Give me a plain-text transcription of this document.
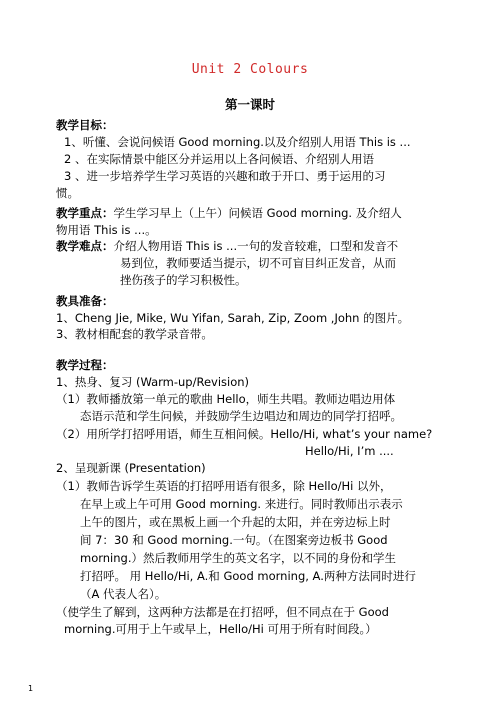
Unit 2 Colours
第一课时
教学目标：
1、听懂、会说问候语 Good morning.以及介绍别人用语 This is ...
2 、在实际情景中能区分并运用以上各问候语、介绍别人用语
3 、进一步培养学生学习英语的兴趣和敢于开口、勇于运用的习
惯。
教学重点：学生学习早上（上午）问候语 Good morning. 及介绍人
物用语 This is ...。
教学难点：介绍人物用语 This is ...一句的发音较难，口型和发音不
易到位，教师要适当提示，切不可盲目纠正发音，从而
挫伤孩子的学习积极性。
教具准备：
1、Cheng Jie, Mike, Wu Yifan, Sarah, Zip, Zoom ,John 的图片。
3、教材相配套的教学录音带。
教学过程：
1、热身、复习 (Warm-up/Revision)
（1）教师播放第一单元的歌曲 Hello，师生共唱。教师边唱边用体
态语示范和学生问候，并鼓励学生边唱边和周边的同学打招呼。
（2）用所学打招呼用语，师生互相问候。Hello/Hi, what’s your name?
Hello/Hi, I’m ....
2、呈现新课 (Presentation)
（1）教师告诉学生英语的打招呼用语有很多，除 Hello/Hi 以外，
在早上或上午可用 Good morning. 来进行。同时教师出示表示
上午的图片，或在黑板上画一个升起的太阳，并在旁边标上时
间 7：30 和 Good morning.一句。（在图案旁边板书 Good
morning.）然后教师用学生的英文名字，以不同的身份和学生
打招呼。 用 Hello/Hi, A.和 Good morning, A.两种方法同时进行
（A 代表人名）。
（使学生了解到，这两种方法都是在打招呼，但不同点在于 Good
morning.可用于上午或早上，Hello/Hi 可用于所有时间段。）
1
